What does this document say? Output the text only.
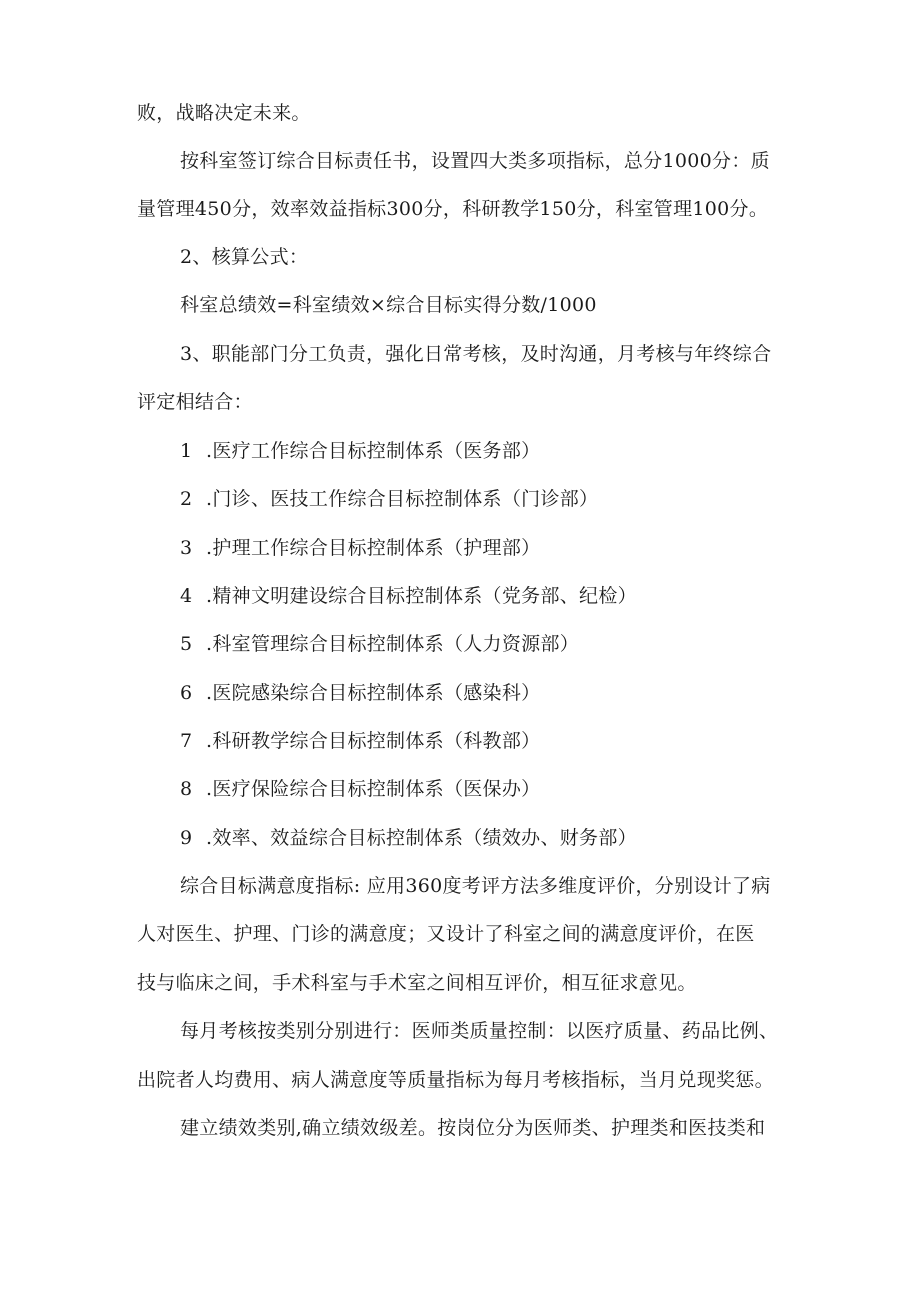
败，战略决定未来。
按科室签订综合目标责任书，设置四大类多项指标，总分1000分：质
量管理450分，效率效益指标300分，科研教学150分，科室管理100分。
2、核算公式：
科室总绩效=科室绩效×综合目标实得分数/1000
3、职能部门分工负责，强化日常考核，及时沟通，月考核与年终综合
评定相结合：
1 .医疗工作综合目标控制体系（医务部）
2 .门诊、医技工作综合目标控制体系（门诊部）
3 .护理工作综合目标控制体系（护理部）
4 .精神文明建设综合目标控制体系（党务部、纪检）
5 .科室管理综合目标控制体系（人力资源部）
6 .医院感染综合目标控制体系（感染科）
7 .科研教学综合目标控制体系（科教部）
8 .医疗保险综合目标控制体系（医保办）
9 .效率、效益综合目标控制体系（绩效办、财务部）
综合目标满意度指标: 应用360度考评方法多维度评价，分别设计了病
人对医生、护理、门诊的满意度；又设计了科室之间的满意度评价，在医
技与临床之间，手术科室与手术室之间相互评价，相互征求意见。
每月考核按类别分别进行：医师类质量控制：以医疗质量、药品比例、
出院者人均费用、病人满意度等质量指标为每月考核指标，当月兑现奖惩。
建立绩效类别,确立绩效级差。按岗位分为医师类、护理类和医技类和
